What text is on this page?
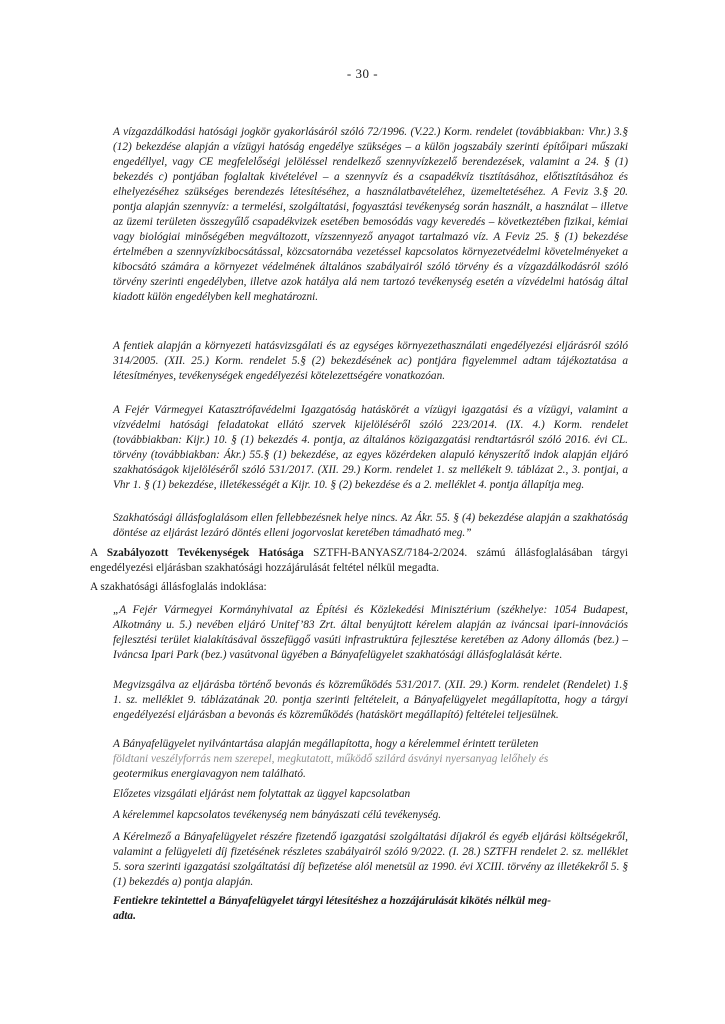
- 30 -

A vízgazdálkodási hatósági jogkör gyakorlásáról szóló 72/1996. (V.22.) Korm. rendelet (továbbiakban: Vhr.) 3.§ (12) bekezdése alapján a vízügyi hatóság engedélye szükséges – a külön jogszabály szerinti építőipari műszaki engedéllyel, vagy CE megfelelőségi jelöléssel rendelkező szennyvízkezelő berendezések, valamint a 24. § (1) bekezdés c) pontjában foglaltak kivételével – a szennyvíz és a csapadékvíz tisztításához, előtisztításához és elhelyezéséhez szükséges berendezés létesítéséhez, a használatbavételéhez, üzemeltetéséhez. A Feviz 3.§ 20. pontja alapján szennyvíz: a termelési, szolgáltatási, fogyasztási tevékenység során használt, a használat – illetve az üzemi területen összegyűlő csapadékvizek esetében bemosódás vagy keveredés – következtében fizikai, kémiai vagy biológiai minőségében megváltozott, vízszennyező anyagot tartalmazó víz. A Feviz 25. § (1) bekezdése értelmében a szennyvízkibocsátással, közcsatornába vezetéssel kapcsolatos környezetvédelmi követelményeket a kibocsátó számára a környezet védelmének általános szabályairól szóló törvény és a vízgazdálkodásról szóló törvény szerinti engedélyben, illetve azok hatálya alá nem tartozó tevékenység esetén a vízvédelmi hatóság által kiadott külön engedélyben kell meghatározni.

A fentiek alapján a környezeti hatásvizsgálati és az egységes környezethasználati engedélyezési eljárásról szóló 314/2005. (XII. 25.) Korm. rendelet 5.§ (2) bekezdésének ac) pontjára figyelemmel adtam tájékoztatása a létesítményes, tevékenységek engedélyezési kötelezettségére vonatkozóan.

A Fejér Vármegyei Katasztrófavédelmi Igazgatóság hatáskörét a vízügyi igazgatási és a vízügyi, valamint a vízvédelmi hatósági feladatokat ellátó szervek kijelöléséről szóló 223/2014. (IX. 4.) Korm. rendelet (továbbiakban: Kijr.) 10. § (1) bekezdés 4. pontja, az általános közigazgatási rendtartásról szóló 2016. évi CL. törvény (továbbiakban: Ákr.) 55.§ (1) bekezdése, az egyes közérdeken alapuló kényszerítő indok alapján eljáró szakhatóságok kijelöléséről szóló 531/2017. (XII. 29.) Korm. rendelet 1. sz mellékelt 9. táblázat 2., 3. pontjai, a Vhr 1. § (1) bekezdése, illetékességét a Kijr. 10. § (2) bekezdése és a 2. melléklet 4. pontja állapítja meg.

Szakhatósági állásfoglalásom ellen fellebbezésnek helye nincs. Az Ákr. 55. § (4) bekezdése alapján a szakhatóság döntése az eljárást lezáró döntés elleni jogorvoslat keretében támadható meg.”

A Szabályozott Tevékenységek Hatósága SZTFH-BANYASZ/7184-2/2024. számú állásfoglalásában tárgyi engedélyezési eljárásban szakhatósági hozzájárulását feltétel nélkül megadta.

A szakhatósági állásfoglalás indoklása:

„A Fejér Vármegyei Kormányhivatal az Építési és Közlekedési Minisztérium (székhelye: 1054 Budapest, Alkotmány u. 5.) nevében eljáró Unitef’83 Zrt. által benyújtott kérelem alapján az iváncsai ipari-innovációs fejlesztési terület kialakításával összefüggő vasúti infrastruktúra fejlesztése keretében az Adony állomás (bez.) – Iváncsa Ipari Park (bez.) vasútvonal ügyében a Bányafelügyelet szakhatósági állásfoglalását kérte.

Megvizsgálva az eljárásba történő bevonás és közreműködés 531/2017. (XII. 29.) Korm. rendelet (Rendelet) 1.§ 1. sz. melléklet 9. táblázatának 20. pontja szerinti feltételeit, a Bányafelügyelet megállapította, hogy a tárgyi engedélyezési eljárásban a bevonás és közreműködés (hatáskört megállapító) feltételei teljesülnek.

A Bányafelügyelet nyilvántartása alapján megállapította, hogy a kérelemmel érintett területen

földtani veszélyforrás nem szerepel, megkutatott, működő szilárd ásványi nyersanyag lelőhely és

geotermikus energiavagyon nem található.

Előzetes vizsgálati eljárást nem folytattak az üggyel kapcsolatban

A kérelemmel kapcsolatos tevékenység nem bányászati célú tevékenység.

A Kérelmező a Bányafelügyelet részére fizetendő igazgatási szolgáltatási díjakról és egyéb eljárási költségekről, valamint a felügyeleti díj fizetésének részletes szabályairól szóló 9/2022. (I. 28.) SZTFH rendelet 2. sz. melléklet 5. sora szerinti igazgatási szolgáltatási díj befizetése alól menetsül az 1990. évi XCIII. törvény az illetékekről 5. § (1) bekezdés a) pontja alapján.

Fentiekre tekintettel a Bányafelügyelet tárgyi létesítéshez a hozzájárulását kikötés nélkül meg-

adta.
